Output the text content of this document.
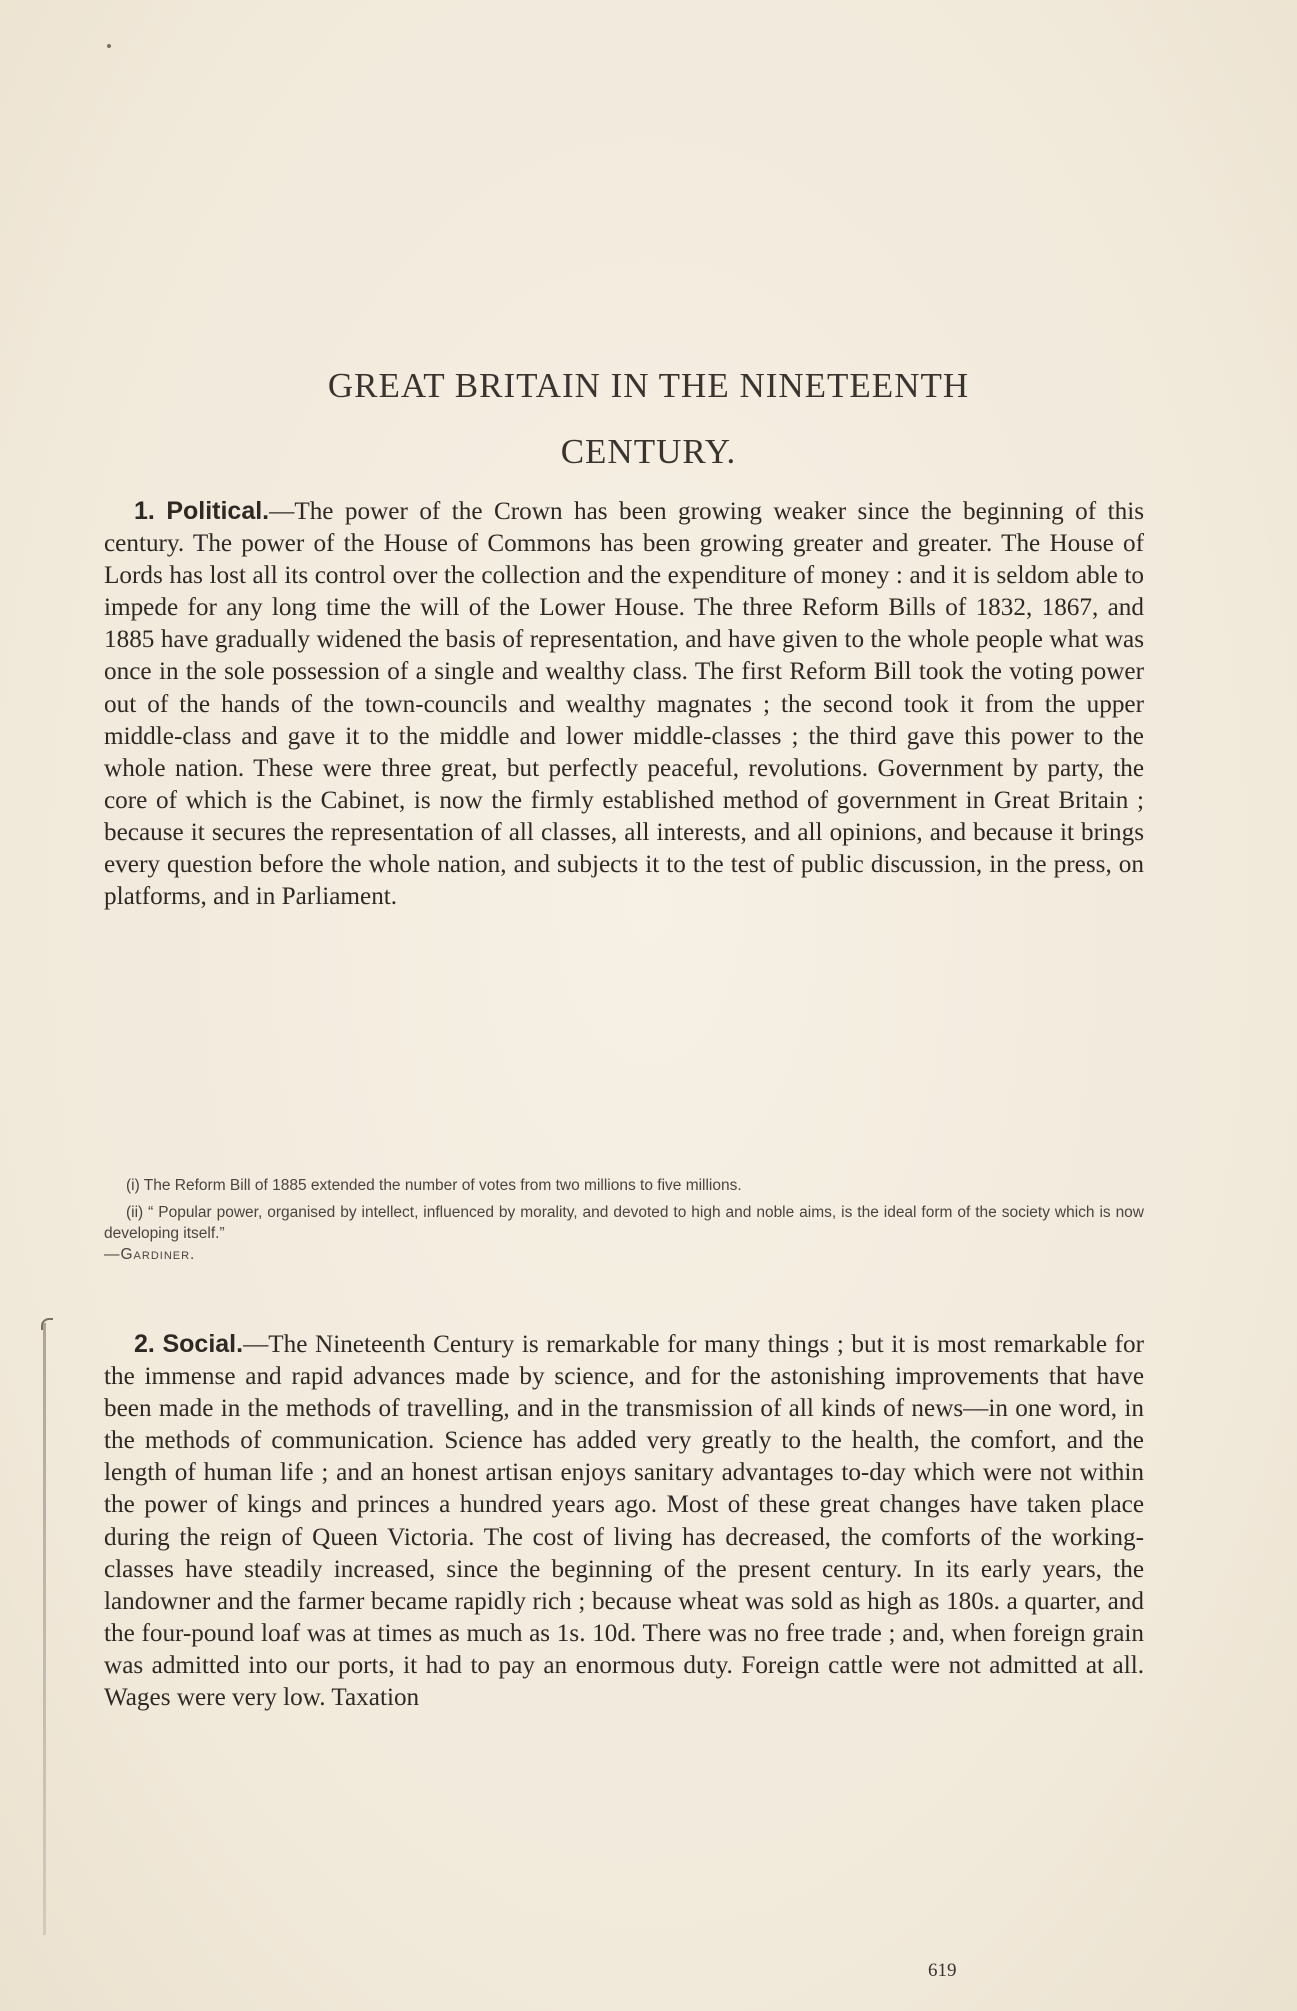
GREAT BRITAIN IN THE NINETEENTH
CENTURY.

1. Political.—The power of the Crown has been growing weaker since the beginning of this century. The power of the House of Commons has been growing greater and greater. The House of Lords has lost all its control over the collection and the expenditure of money : and it is seldom able to impede for any long time the will of the Lower House. The three Reform Bills of 1832, 1867, and 1885 have gradually widened the basis of representation, and have given to the whole people what was once in the sole possession of a single and wealthy class. The first Reform Bill took the voting power out of the hands of the town-councils and wealthy magnates ; the second took it from the upper middle-class and gave it to the middle and lower middle-classes ; the third gave this power to the whole nation. These were three great, but perfectly peaceful, revolutions. Government by party, the core of which is the Cabinet, is now the firmly established method of government in Great Britain ; because it secures the representation of all classes, all interests, and all opinions, and because it brings every question before the whole nation, and subjects it to the test of public discussion, in the press, on platforms, and in Parliament.

(i) The Reform Bill of 1885 extended the number of votes from two millions to five millions.

(ii) “ Popular power, organised by intellect, influenced by morality, and devoted to high and noble aims, is the ideal form of the society which is now developing itself.”
—Gardiner.

2. Social.—The Nineteenth Century is remarkable for many things ; but it is most remarkable for the immense and rapid advances made by science, and for the astonishing improvements that have been made in the methods of travelling, and in the transmission of all kinds of news—in one word, in the methods of communication. Science has added very greatly to the health, the comfort, and the length of human life ; and an honest artisan enjoys sanitary advantages to-day which were not within the power of kings and princes a hundred years ago. Most of these great changes have taken place during the reign of Queen Victoria. The cost of living has decreased, the comforts of the working-classes have steadily increased, since the beginning of the present century. In its early years, the landowner and the farmer became rapidly rich ; because wheat was sold as high as 180s. a quarter, and the four-pound loaf was at times as much as 1s. 10d. There was no free trade ; and, when foreign grain was admitted into our ports, it had to pay an enormous duty. Foreign cattle were not admitted at all. Wages were very low. Taxation

619
